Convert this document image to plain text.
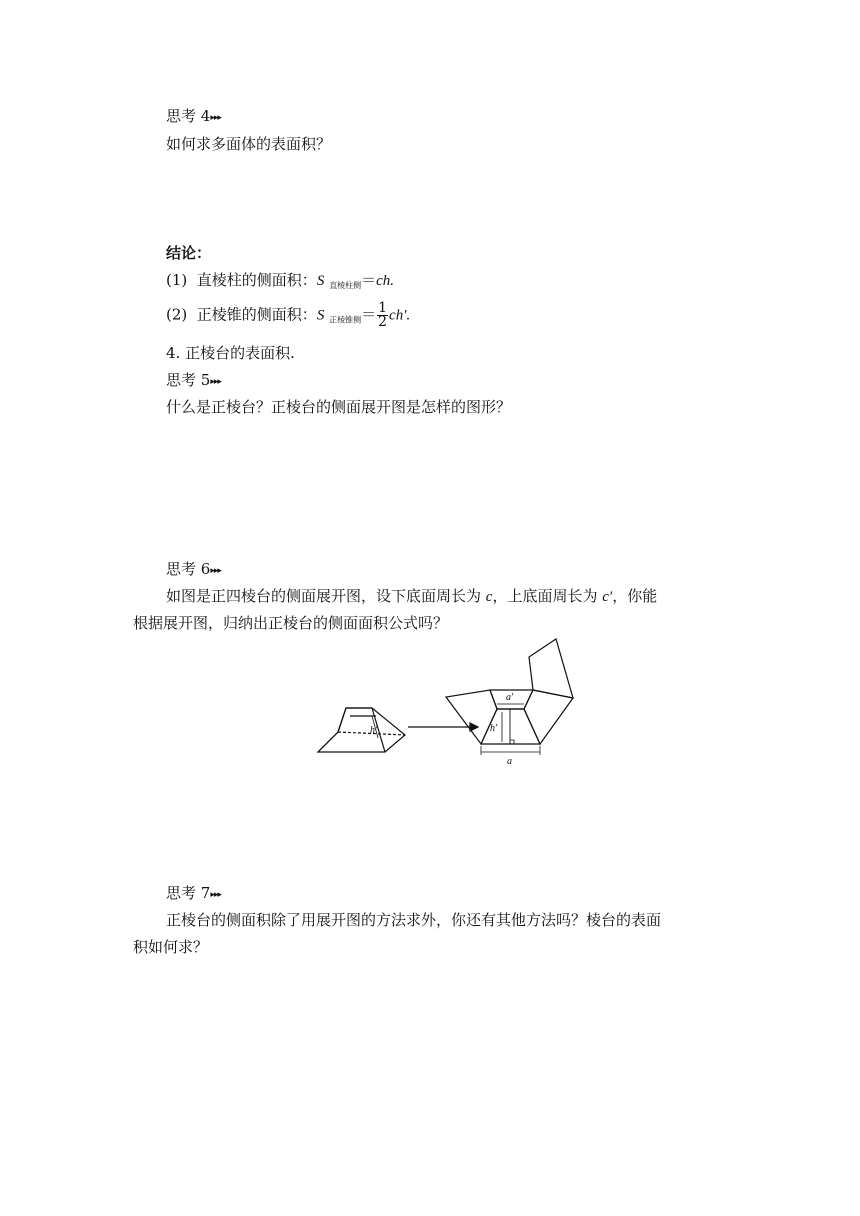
思考 4▸▸▸
如何求多面体的表面积？
结论：
(1) 直棱柱的侧面积：S $_{直棱柱侧}$＝ch.
(2) 正棱锥的侧面积：S $_{正棱锥侧}= \frac{1}{2} ch'$.
4. 正棱台的表面积.
思考 5▸▸▸
什么是正棱台？正棱台的侧面展开图是怎样的图形？
思考 6▸▸▸
如图是正四棱台的侧面展开图，设下底面周长为 c，上底面周长为 c′，你能
根据展开图，归纳出正棱台的侧面面积公式吗？
h′	h′
a′
a
思考 7▸▸▸
正棱台的侧面积除了用展开图的方法求外，你还有其他方法吗？棱台的表面
积如何求？
